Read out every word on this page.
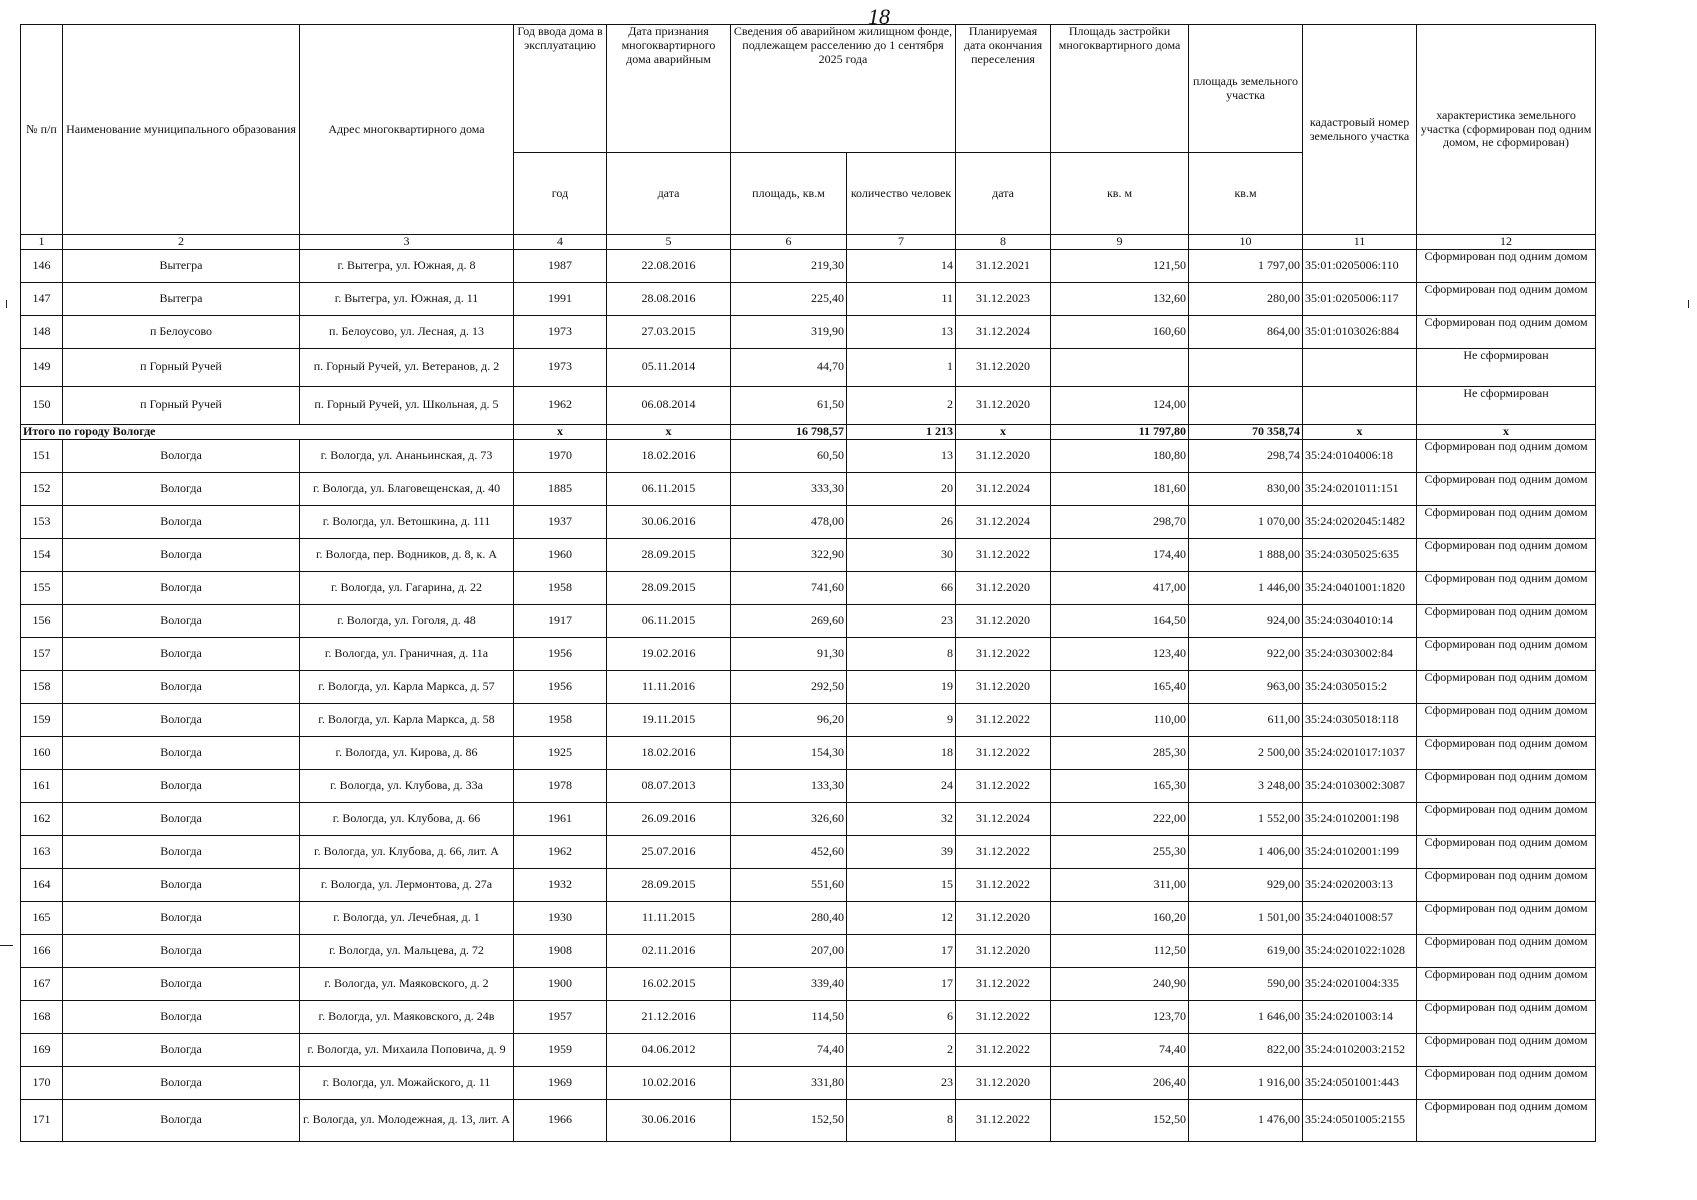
18
№ п/п	Наименование муниципального образования	Адрес многоквартирного дома	Год ввода дома в эксплуатацию	Дата признания многоквартирного дома аварийным	Сведения об аварийном жилищном фонде, подлежащем расселению до 1 сентября 2025 года		Планируемая дата окончания переселения	Площадь застройки многоквартирного дома	площадь земельного участка	кадастровый номер земельного участка	характеристика земельного участка (сформирован под одним домом, не сформирован)
			год	дата	площадь, кв.м	количество человек	дата	кв. м	кв.м		
1	2	3	4	5	6	7	8	9	10	11	12
146	Вытегра	г. Вытегра, ул. Южная, д. 8	1987	22.08.2016	219,30	14	31.12.2021	121,50	1 797,00	35:01:0205006:110	Сформирован под одним домом
147	Вытегра	г. Вытегра, ул. Южная, д. 11	1991	28.08.2016	225,40	11	31.12.2023	132,60	280,00	35:01:0205006:117	Сформирован под одним домом
148	п Белоусово	п. Белоусово, ул. Лесная, д. 13	1973	27.03.2015	319,90	13	31.12.2024	160,60	864,00	35:01:0103026:884	Сформирован под одним домом
149	п Горный Ручей	п. Горный Ручей, ул. Ветеранов, д. 2	1973	05.11.2014	44,70	1	31.12.2020				Не сформирован
150	п Горный Ручей	п. Горный Ручей, ул. Школьная, д. 5	1962	06.08.2014	61,50	2	31.12.2020	124,00			Не сформирован
Итого по городу Вологде			х	х	16 798,57	1 213	х	11 797,80	70 358,74	х	х
151	Вологда	г. Вологда, ул. Ананьинская, д. 73	1970	18.02.2016	60,50	13	31.12.2020	180,80	298,74	35:24:0104006:18	Сформирован под одним домом
152	Вологда	г. Вологда, ул. Благовещенская, д. 40	1885	06.11.2015	333,30	20	31.12.2024	181,60	830,00	35:24:0201011:151	Сформирован под одним домом
153	Вологда	г. Вологда, ул. Ветошкина, д. 111	1937	30.06.2016	478,00	26	31.12.2024	298,70	1 070,00	35:24:0202045:1482	Сформирован под одним домом
154	Вологда	г. Вологда, пер. Водников, д. 8, к. А	1960	28.09.2015	322,90	30	31.12.2022	174,40	1 888,00	35:24:0305025:635	Сформирован под одним домом
155	Вологда	г. Вологда, ул. Гагарина, д. 22	1958	28.09.2015	741,60	66	31.12.2020	417,00	1 446,00	35:24:0401001:1820	Сформирован под одним домом
156	Вологда	г. Вологда, ул. Гоголя, д. 48	1917	06.11.2015	269,60	23	31.12.2020	164,50	924,00	35:24:0304010:14	Сформирован под одним домом
157	Вологда	г. Вологда, ул. Граничная, д. 11а	1956	19.02.2016	91,30	8	31.12.2022	123,40	922,00	35:24:0303002:84	Сформирован под одним домом
158	Вологда	г. Вологда, ул. Карла Маркса, д. 57	1956	11.11.2016	292,50	19	31.12.2020	165,40	963,00	35:24:0305015:2	Сформирован под одним домом
159	Вологда	г. Вологда, ул. Карла Маркса, д. 58	1958	19.11.2015	96,20	9	31.12.2022	110,00	611,00	35:24:0305018:118	Сформирован под одним домом
160	Вологда	г. Вологда, ул. Кирова, д. 86	1925	18.02.2016	154,30	18	31.12.2022	285,30	2 500,00	35:24:0201017:1037	Сформирован под одним домом
161	Вологда	г. Вологда, ул. Клубова, д. 33а	1978	08.07.2013	133,30	24	31.12.2022	165,30	3 248,00	35:24:0103002:3087	Сформирован под одним домом
162	Вологда	г. Вологда, ул. Клубова, д. 66	1961	26.09.2016	326,60	32	31.12.2024	222,00	1 552,00	35:24:0102001:198	Сформирован под одним домом
163	Вологда	г. Вологда, ул. Клубова, д. 66, лит. А	1962	25.07.2016	452,60	39	31.12.2022	255,30	1 406,00	35:24:0102001:199	Сформирован под одним домом
164	Вологда	г. Вологда, ул. Лермонтова, д. 27а	1932	28.09.2015	551,60	15	31.12.2022	311,00	929,00	35:24:0202003:13	Сформирован под одним домом
165	Вологда	г. Вологда, ул. Лечебная, д. 1	1930	11.11.2015	280,40	12	31.12.2020	160,20	1 501,00	35:24:0401008:57	Сформирован под одним домом
166	Вологда	г. Вологда, ул. Мальцева, д. 72	1908	02.11.2016	207,00	17	31.12.2020	112,50	619,00	35:24:0201022:1028	Сформирован под одним домом
167	Вологда	г. Вологда, ул. Маяковского, д. 2	1900	16.02.2015	339,40	17	31.12.2022	240,90	590,00	35:24:0201004:335	Сформирован под одним домом
168	Вологда	г. Вологда, ул. Маяковского, д. 24в	1957	21.12.2016	114,50	6	31.12.2022	123,70	1 646,00	35:24:0201003:14	Сформирован под одним домом
169	Вологда	г. Вологда, ул. Михаила Поповича, д. 9	1959	04.06.2012	74,40	2	31.12.2022	74,40	822,00	35:24:0102003:2152	Сформирован под одним домом
170	Вологда	г. Вологда, ул. Можайского, д. 11	1969	10.02.2016	331,80	23	31.12.2020	206,40	1 916,00	35:24:0501001:443	Сформирован под одним домом
171	Вологда	г. Вологда, ул. Молодежная, д. 13, лит. А	1966	30.06.2016	152,50	8	31.12.2022	152,50	1 476,00	35:24:0501005:2155	Сформирован под одним домом
